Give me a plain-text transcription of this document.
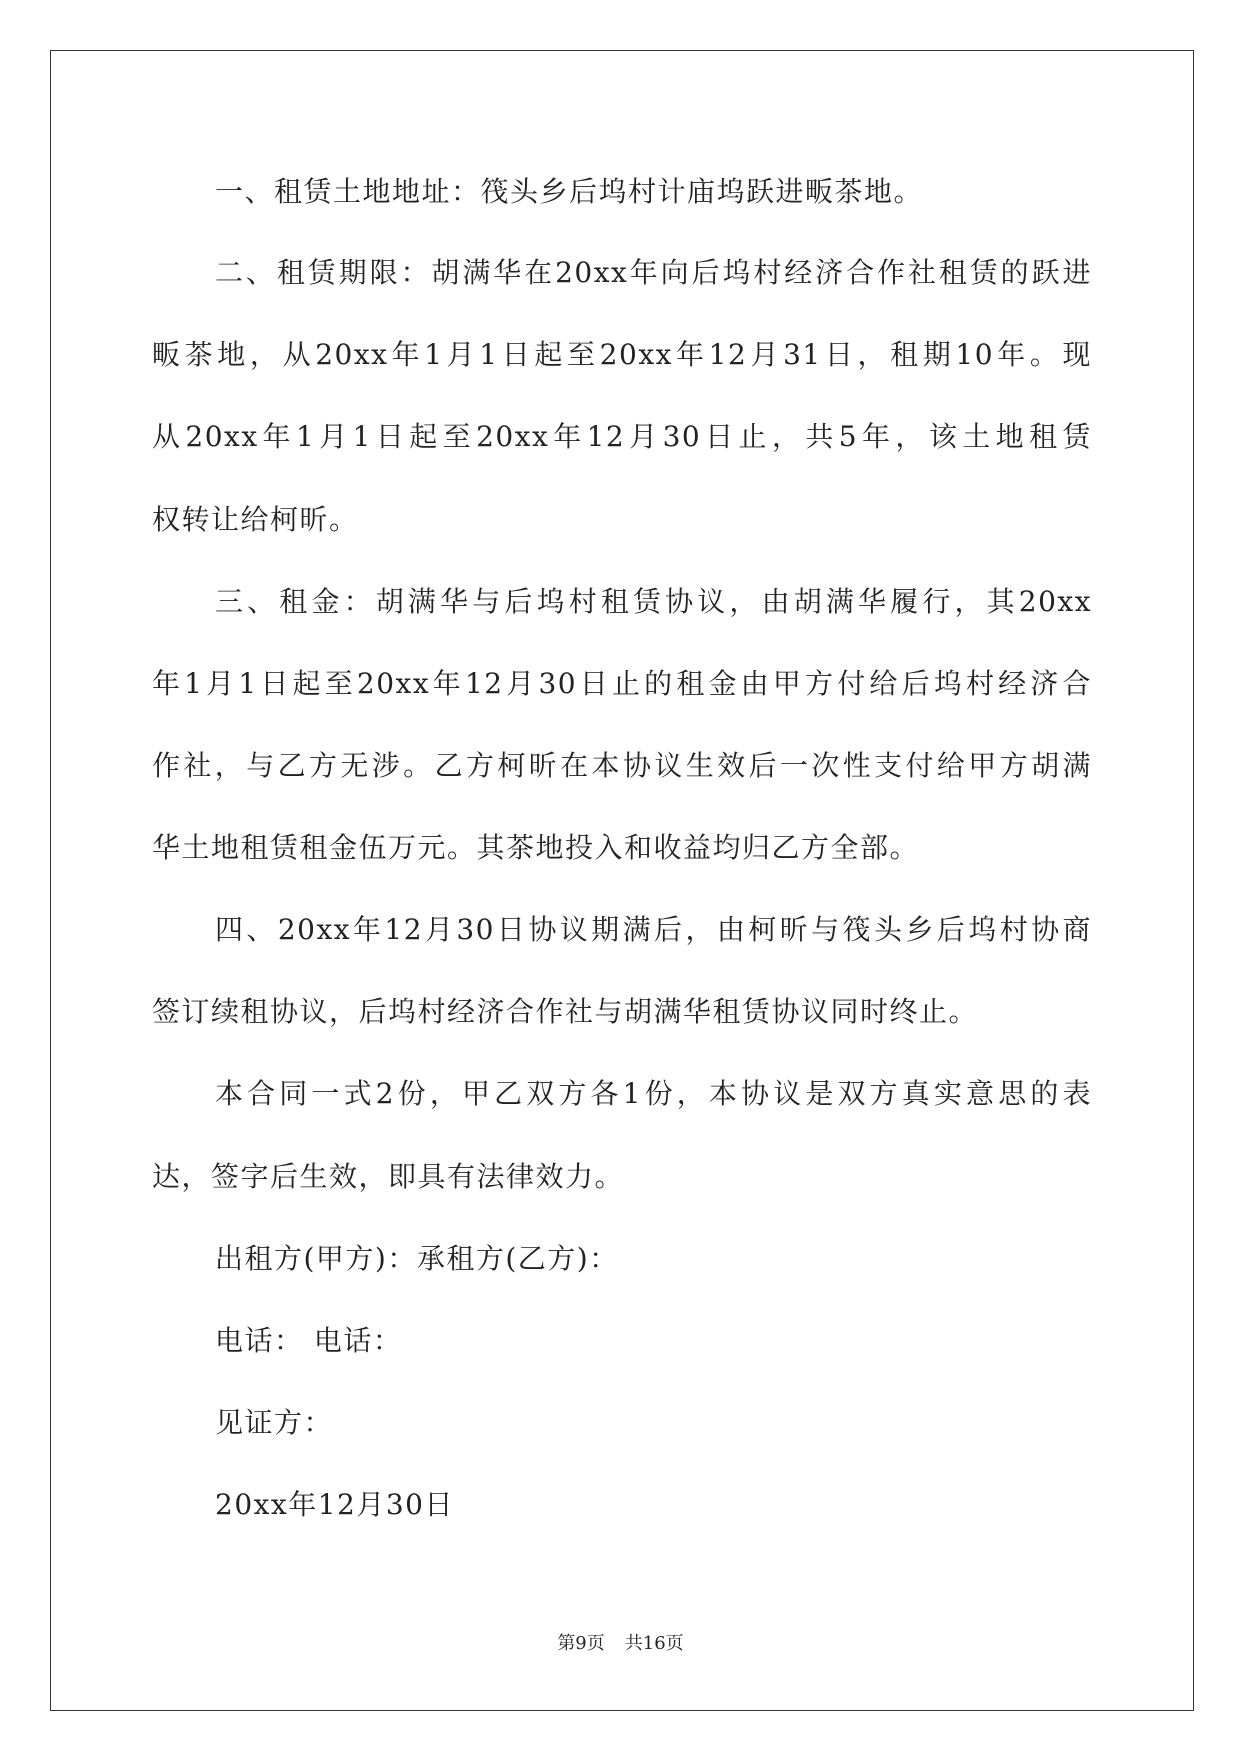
一、租赁土地地址：筏头乡后坞村计庙坞跃进畈茶地。
二、租赁期限：胡满华在20xx年向后坞村经济合作社租赁的跃进
畈茶地，从20xx年1月1日起至20xx年12月31日，租期10年。现
从20xx年1月1日起至20xx年12月30日止，共5年，该土地租赁
权转让给柯昕。
三、租金：胡满华与后坞村租赁协议，由胡满华履行，其20xx
年1月1日起至20xx年12月30日止的租金由甲方付给后坞村经济合
作社，与乙方无涉。乙方柯昕在本协议生效后一次性支付给甲方胡满
华土地租赁租金伍万元。其茶地投入和收益均归乙方全部。
四、20xx年12月30日协议期满后，由柯昕与筏头乡后坞村协商
签订续租协议，后坞村经济合作社与胡满华租赁协议同时终止。
本合同一式2份，甲乙双方各1份，本协议是双方真实意思的表
达，签字后生效，即具有法律效力。
出租方(甲方)：承租方(乙方)：
电话： 电话：
见证方：
20xx年12月30日
第9页 共16页
